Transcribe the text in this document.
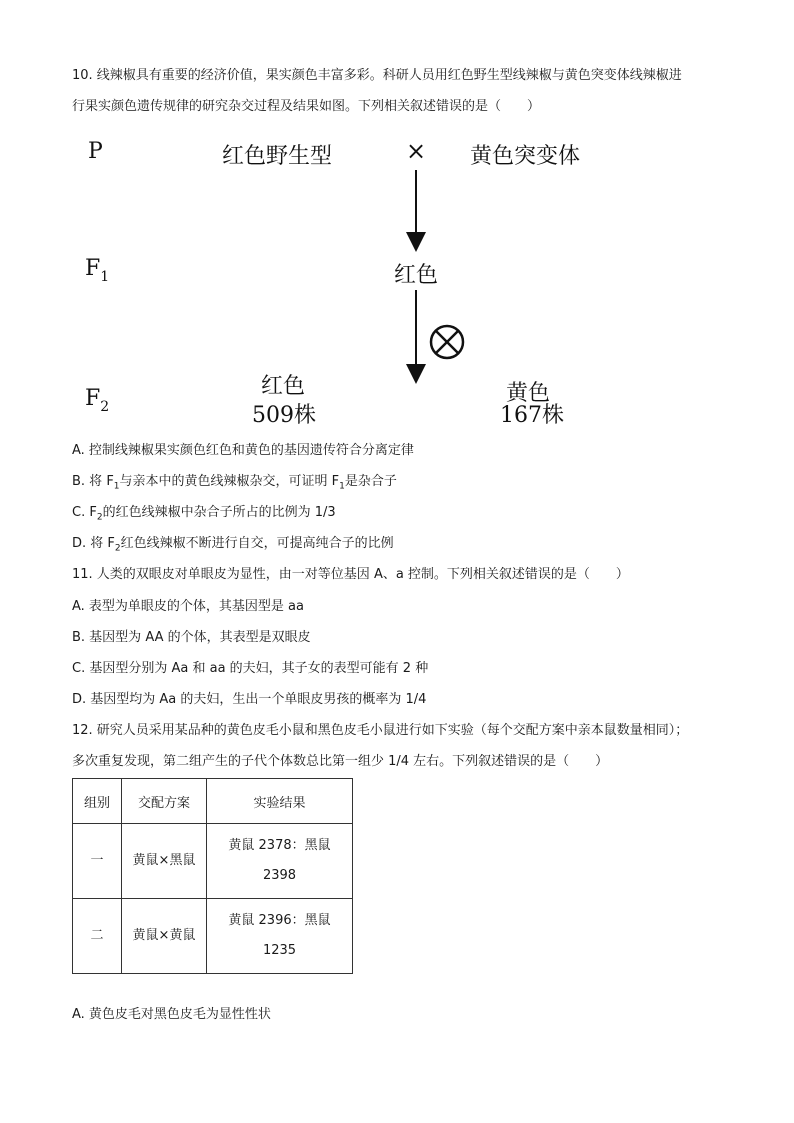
10. 线辣椒具有重要的经济价值，果实颜色丰富多彩。科研人员用红色野生型线辣椒与黄色突变体线辣椒进
行果实颜色遗传规律的研究杂交过程及结果如图。下列相关叙述错误的是（　　）
P	红色野生型	× 黄色突变体
$F_1$	红色
$F_2$
红色
509株
黄色
167株
A. 控制线辣椒果实颜色红色和黄色的基因遗传符合分离定律
B. 将 $F_1$与亲本中的黄色线辣椒杂交，可证明 $F_1$是杂合子
C. $F_2$的红色线辣椒中杂合子所占的比例为 1/3
D. 将 $F_2$红色线辣椒不断进行自交，可提高纯合子的比例
11. 人类的双眼皮对单眼皮为显性，由一对等位基因 A、a 控制。下列相关叙述错误的是（　　）
A. 表型为单眼皮的个体，其基因型是 aa
B. 基因型为 AA 的个体，其表型是双眼皮
C. 基因型分别为 Aa 和 aa 的夫妇，其子女的表型可能有 2 种
D. 基因型均为 Aa 的夫妇，生出一个单眼皮男孩的概率为 1/4
12. 研究人员采用某品种的黄色皮毛小鼠和黑色皮毛小鼠进行如下实验（每个交配方案中亲本鼠数量相同）；
多次重复发现，第二组产生的子代个体数总比第一组少 1/4 左右。下列叙述错误的是（　　）
组别	交配方案	实验结果
一	黄鼠×黑鼠	黄鼠 2378：黑鼠
2398

二	黄鼠×黄鼠	黄鼠 2396：黑鼠
1235
A. 黄色皮毛对黑色皮毛为显性性状
